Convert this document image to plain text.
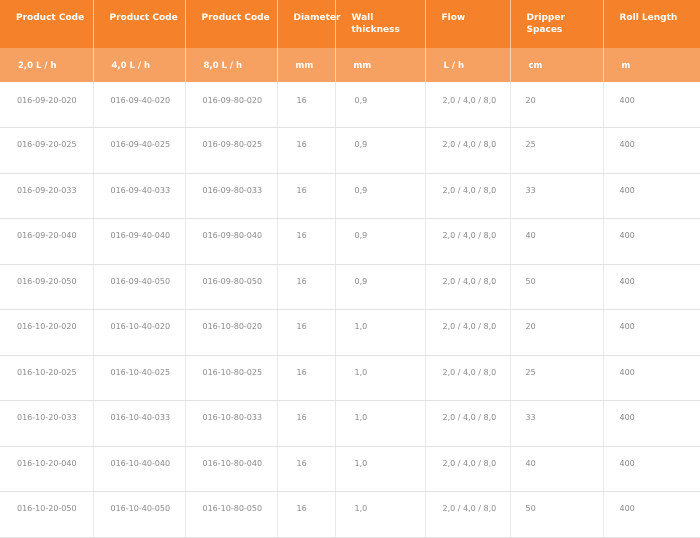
Product Code	Product Code	Product Code	Diameter	Wall thickness	Flow	Dripper Spaces	Roll Length
2,0 L / h	4,0 L / h	8,0 L / h	mm	mm	L / h	cm	m
016-09-20-020	016-09-40-020	016-09-80-020	16	0,9	2,0 / 4,0 / 8,0	20	400
016-09-20-025	016-09-40-025	016-09-80-025	16	0,9	2,0 / 4,0 / 8,0	25	400
016-09-20-033	016-09-40-033	016-09-80-033	16	0,9	2,0 / 4,0 / 8,0	33	400
016-09-20-040	016-09-40-040	016-09-80-040	16	0,9	2,0 / 4,0 / 8,0	40	400
016-09-20-050	016-09-40-050	016-09-80-050	16	0,9	2,0 / 4,0 / 8,0	50	400
016-10-20-020	016-10-40-020	016-10-80-020	16	1,0	2,0 / 4,0 / 8,0	20	400
016-10-20-025	016-10-40-025	016-10-80-025	16	1,0	2,0 / 4,0 / 8,0	25	400
016-10-20-033	016-10-40-033	016-10-80-033	16	1,0	2,0 / 4,0 / 8,0	33	400
016-10-20-040	016-10-40-040	016-10-80-040	16	1,0	2,0 / 4,0 / 8,0	40	400
016-10-20-050	016-10-40-050	016-10-80-050	16	1,0	2,0 / 4,0 / 8,0	50	400
